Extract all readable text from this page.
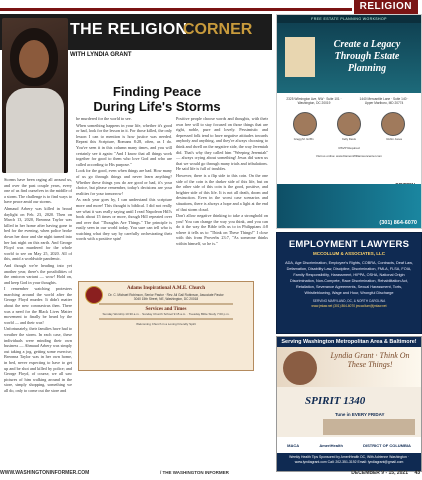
RELIGION
THE RELIGION
CORNER
WITH LYNDIA GRANT
Finding Peace During Life's Storms

Storms have been raging all around us, and over the past couple years, every one of us find ourselves in the middle of a storm. The challenge is to find ways to have peace amid our storms.

Ahmaud Arbery was killed in broad daylight on Feb. 23, 2020. Then on March 13, 2020, Breonna Taylor was killed in her home after having gone to bed for the evening, when police broke down her door and she night turned into her last night on this earth. And George Floyd was murdered for the whole world to see on May 25, 2020. All of this, amid a worldwide pandemic.

And though we're heading into yet another year, there's the possibilities of the omicron variant — wow! Hold on, and keep God in your thoughts.

I remember watching protesters marching around the world after the George Floyd murder. It didn't matter about the new coronavirus then. There was a need for the Black Lives Matter movement to finally be heard by the world — and their was!

Unfortunately, their families have had to weather the storm. In each case, these individuals were minding their own business — Ahmaud Arbery was simply out taking a jog, getting some exercise; Breonna Taylor was in her own home, in bed, never expecting to have to get up and be shot and killed by police; and George Floyd, of course, we all saw pictures of him walking around in the store, simply shopping, something we all do, only to come out the store and

be murdered for the world to see.

When something happens in your life, whether it's good or bad, look for the lesson in it. For those killed, the only lesson I can to mention is how justice was needed. Repeat this Scripture, Romans 8:28, often, as I do. You've seen it in this column many times, and you will certainly see it again: "And I know that all things work together for good to them who love God and who are called according to His purpose."

Look for the good, even when things are bad. How many of us go through things and never learn anything? Whether these things you do are good or bad, it's your choice, but please remember, today's decisions are your realities for your tomorrow!

As each year goes by, I can understand this scripture more and more! This thought is biblical. I did not really see what it was really saying until I read Napoleon Hill's book about 15 times or more, though Hill repeated over and over that "Thoughts Are Things." The principle is easily seen in our world today. You sure can tell who is watching what they say by carefully orchestrating their words with a positive spin!

Positive people choose words and thoughts, with their own free will to stay focused on those things that are right, noble, pure and lovely. Pessimistic and depressed folk tend to have negative attitudes towards anybody and anything, and they're always choosing to think and dwell on the negative side, the way Jeremiah did. That's why they called him "Weeping Jeremiah" — always crying about something! Jesus did warn us that we would go through many trials and tribulations. He said life is full of troubles.

However, there is a flip side to this coin. On the one side of the coin is the darker side of this life, but on the other side of this coin is the good, positive, and brighter side of this life. It is not all death, doom and destruction. Even in the worst case scenarios and situations, there is always a hope and a light at the end of that storm cloud.

Don't allow negative thinking to take a stronghold on you! You can change the way you think, and you can do it the way the Bible tells us to in Philippians 4:8 where it tells us to "Think on These Things!" I close with this from Proverbs 23:7, "As someone thinks within himself, so he is."

Adams Inspirational A.M.E. Church
Dr. C. Michael Robinson, Senior Pastor · Rev. Ali Gail Robinson, Associate Pastor
3040 15th Street, NE, Washington, DC 20018
Services and Times
Sunday Worship 10:30 a.m. · Sunday Church School 9:15 a.m. · Tuesday Bible Study 7:00 p.m.
Welcoming Church in a Loving Friendly Spirit
FREE ESTATE PLANNING WORKSHOP
Create a Legacy Through Estate Planning
2325 Wilmington Ave, NW · Suite 101 · Washington, DC 20019
1440 Mercantile Lane · Suite 140 · Upper Marlboro, MD 20774
Gregg M. Griffin	Kelly Davis	Robin Jones
RSVP Required
Visit us online: www.DamonWilliamsoncenter.com
(301) 864-6070
EMPLOYMENT LAWYERS
MCCOLLUM & ASSOCIATES, LLC
ADA, Age Discrimination, Employee's Rights, COBRA, Contracts, Deaf Law, Defamation, Disability Law, Discipline, Discrimination, FMLA, FLSA, FOIA, Family Responsibility, Harassment, HIPPA, OSHA, National Origin Discrimination, Non-Compete, Race Discrimination, Rehabilitation Act, Retaliation, Severance Agreements, Sexual Harassment, Torts, Whistleblowing, Wage and Hour, Wrongful Discharge
SERVING MARYLAND, DC, & NORTH CAROLINA
www.jmlaw.net (301) 864-6070 jmccollum@jmlaw.net
Serving Washington Metropolitan Area & Baltimore!
Lyndia Grant · Think On These Things!
SPIRIT 1340
Tune in EVERY FRIDAY
MACA	AmeriHealth	DISTRICT OF COLUMBIA
Weekly Health Tips Sponsored by AmeriHealth DC, With Adrienne Washington · www.lyndiagrant.com Call: 202-351-3192 Email: lyndiagrant@gmail.com
WWW.WASHINGTONINFORMER.COM	/ THE WASHINGTON INFORMER	DECEMBER 9 - 15, 2021 43
